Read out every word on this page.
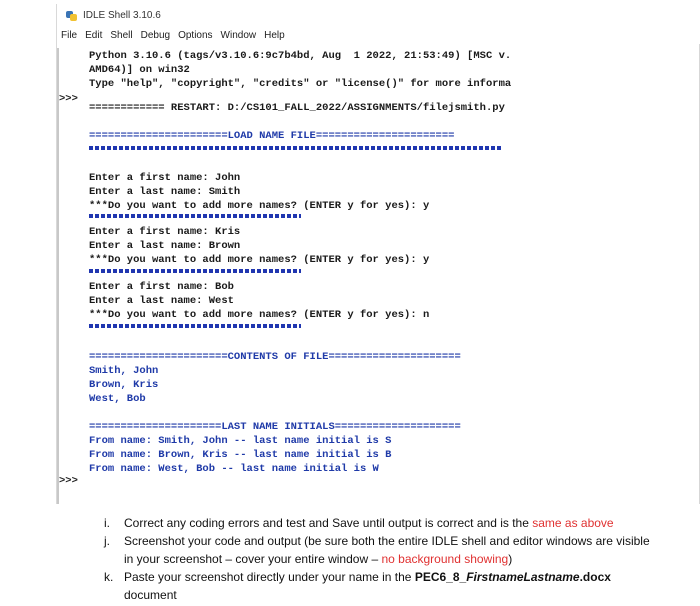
IDLE Shell 3.10.6
File Edit Shell Debug Options Window Help
>>>
>>>
Python 3.10.6 (tags/v3.10.6:9c7b4bd, Aug  1 2022, 21:53:49) [MSC v.
AMD64)] on win32
Type "help", "copyright", "credits" or "license()" for more informa
============ RESTART: D:/CS101_FALL_2022/ASSIGNMENTS/filejsmith.py
======================LOAD NAME FILE======================
Enter a first name: John
Enter a last name: Smith
***Do you want to add more names? (ENTER y for yes): y
Enter a first name: Kris
Enter a last name: Brown
***Do you want to add more names? (ENTER y for yes): y
Enter a first name: Bob
Enter a last name: West
***Do you want to add more names? (ENTER y for yes): n
======================CONTENTS OF FILE=====================
Smith, John
Brown, Kris
West, Bob
=====================LAST NAME INITIALS====================
From name: Smith, John -- last name initial is S
From name: Brown, Kris -- last name initial is B
From name: West, Bob -- last name initial is W
i. Correct any coding errors and test and Save until output is correct and is the same as above
j. Screenshot your code and output (be sure both the entire IDLE shell and editor windows are visible in your screenshot – cover your entire window – no background showing)
k. Paste your screenshot directly under your name in the PEC6_8_FirstnameLastname.docx document
